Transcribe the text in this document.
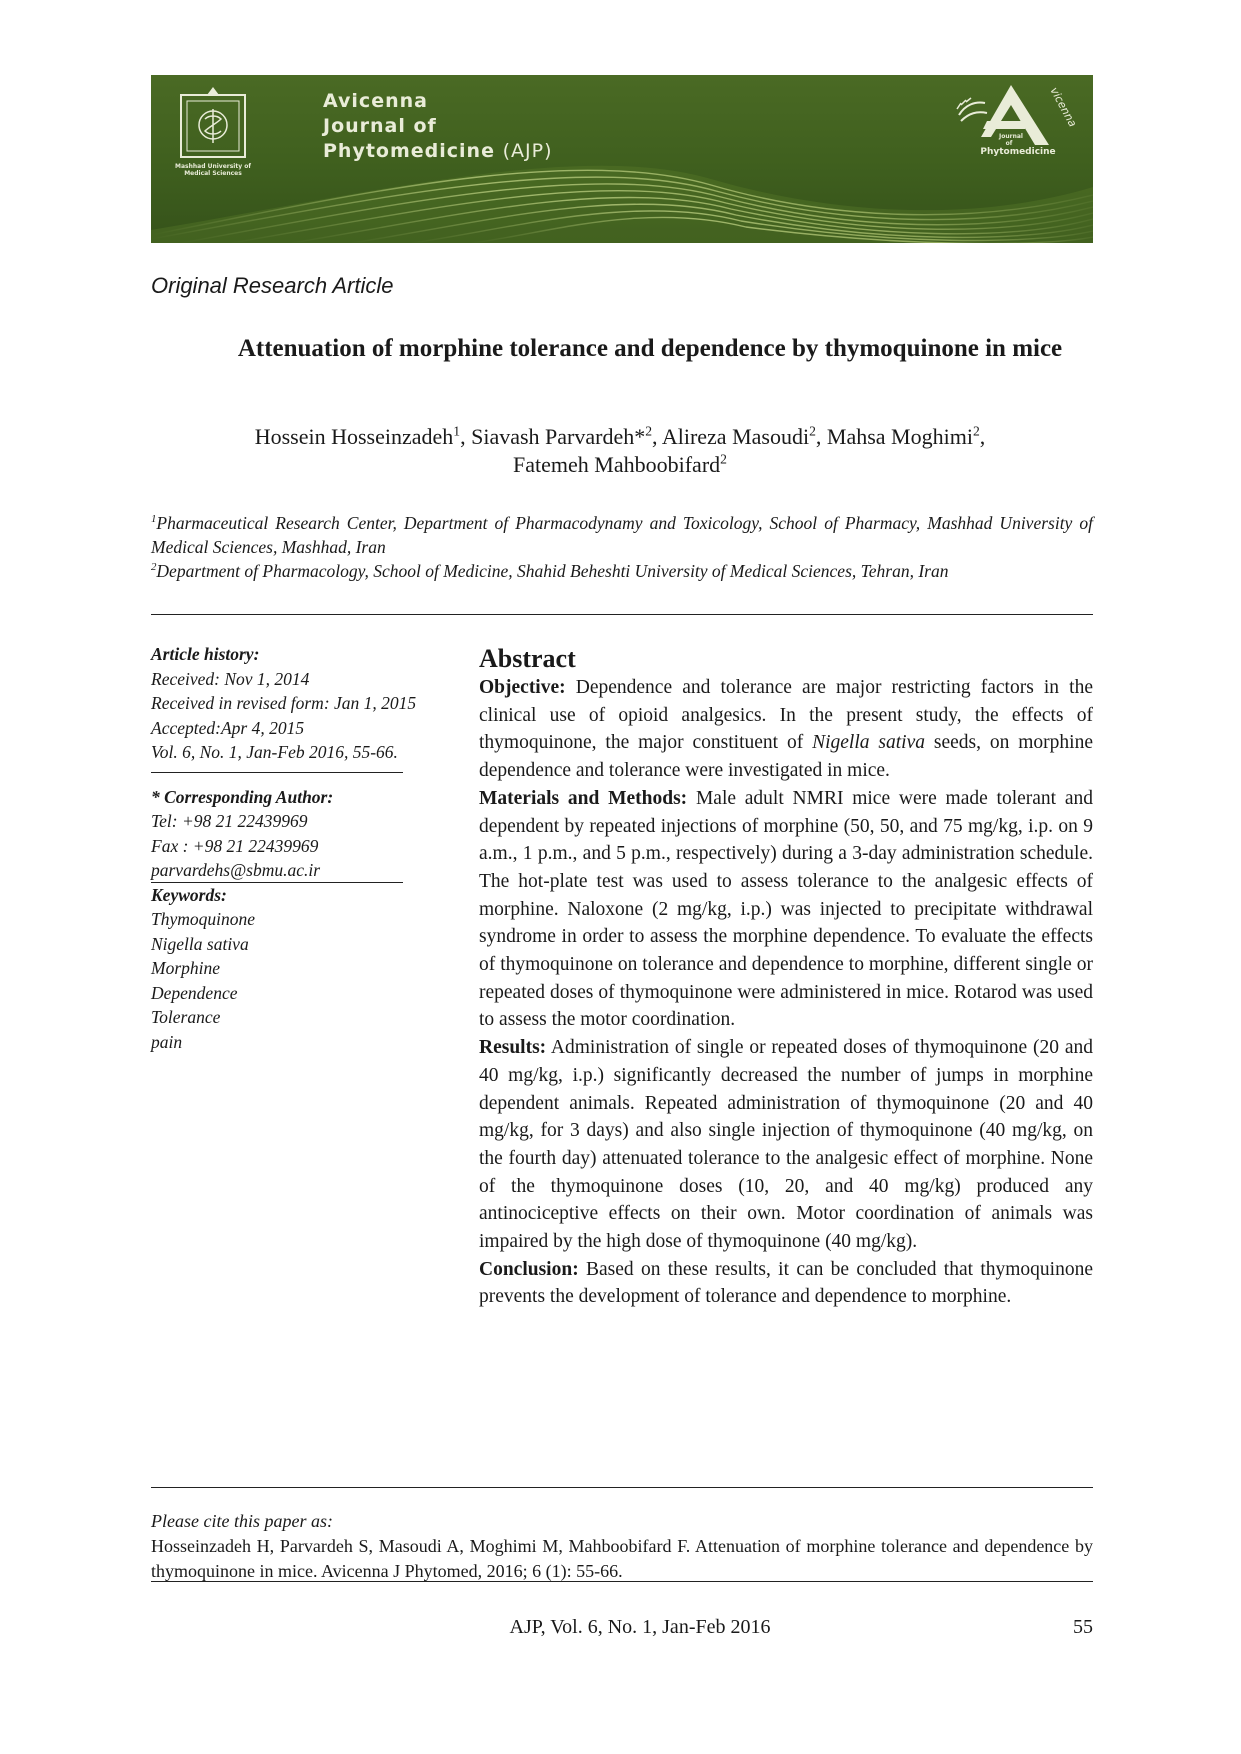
Mashhad University of Medical Sciences
Avicenna
Journal of
Phytomedicine (AJP)
Journal of
Phytomedicine
vicenna
Original Research Article
Attenuation of morphine tolerance and dependence by thymoquinone in mice
Hossein Hosseinzadeh$^1$, Siavash Parvardeh*$^2$, Alireza Masoudi$^2$, Mahsa Moghimi$^2$,
Fatemeh Mahboobifard$^2$

$^1$Pharmaceutical Research Center, Department of Pharmacodynamy and Toxicology, School of Pharmacy, Mashhad University of Medical Sciences, Mashhad, Iran

$^2$Department of Pharmacology, School of Medicine, Shahid Beheshti University of Medical Sciences, Tehran, Iran

Article history:
Received: Nov 1, 2014
Received in revised form: Jan 1, 2015
Accepted:Apr 4, 2015
Vol. 6, No. 1, Jan-Feb 2016, 55-66.
* Corresponding Author:
Tel: +98 21 22439969
Fax : +98 21 22439969
parvardehs@sbmu.ac.ir
Keywords:
Thymoquinone
Nigella sativa
Morphine
Dependence
Tolerance
pain
Abstract

Objective: Dependence and tolerance are major restricting factors in the clinical use of opioid analgesics. In the present study, the effects of thymoquinone, the major constituent of Nigella sativa seeds, on morphine dependence and tolerance were investigated in mice.

Materials and Methods: Male adult NMRI mice were made tolerant and dependent by repeated injections of morphine (50, 50, and 75 mg/kg, i.p. on 9 a.m., 1 p.m., and 5 p.m., respectively) during a 3-day administration schedule. The hot-plate test was used to assess tolerance to the analgesic effects of morphine. Naloxone (2 mg/kg, i.p.) was injected to precipitate withdrawal syndrome in order to assess the morphine dependence. To evaluate the effects of thymoquinone on tolerance and dependence to morphine, different single or repeated doses of thymoquinone were administered in mice. Rotarod was used to assess the motor coordination.

Results: Administration of single or repeated doses of thymoquinone (20 and 40 mg/kg, i.p.) significantly decreased the number of jumps in morphine dependent animals. Repeated administration of thymoquinone (20 and 40 mg/kg, for 3 days) and also single injection of thymoquinone (40 mg/kg, on the fourth day) attenuated tolerance to the analgesic effect of morphine. None of the thymoquinone doses (10, 20, and 40 mg/kg) produced any antinociceptive effects on their own. Motor coordination of animals was impaired by the high dose of thymoquinone (40 mg/kg).

Conclusion: Based on these results, it can be concluded that thymoquinone prevents the development of tolerance and dependence to morphine.

Please cite this paper as:
Hosseinzadeh H, Parvardeh S, Masoudi A, Moghimi M, Mahboobifard F. Attenuation of morphine tolerance and dependence by thymoquinone in mice. Avicenna J Phytomed, 2016; 6 (1): 55-66.
AJP, Vol. 6, No. 1, Jan-Feb 2016	55
